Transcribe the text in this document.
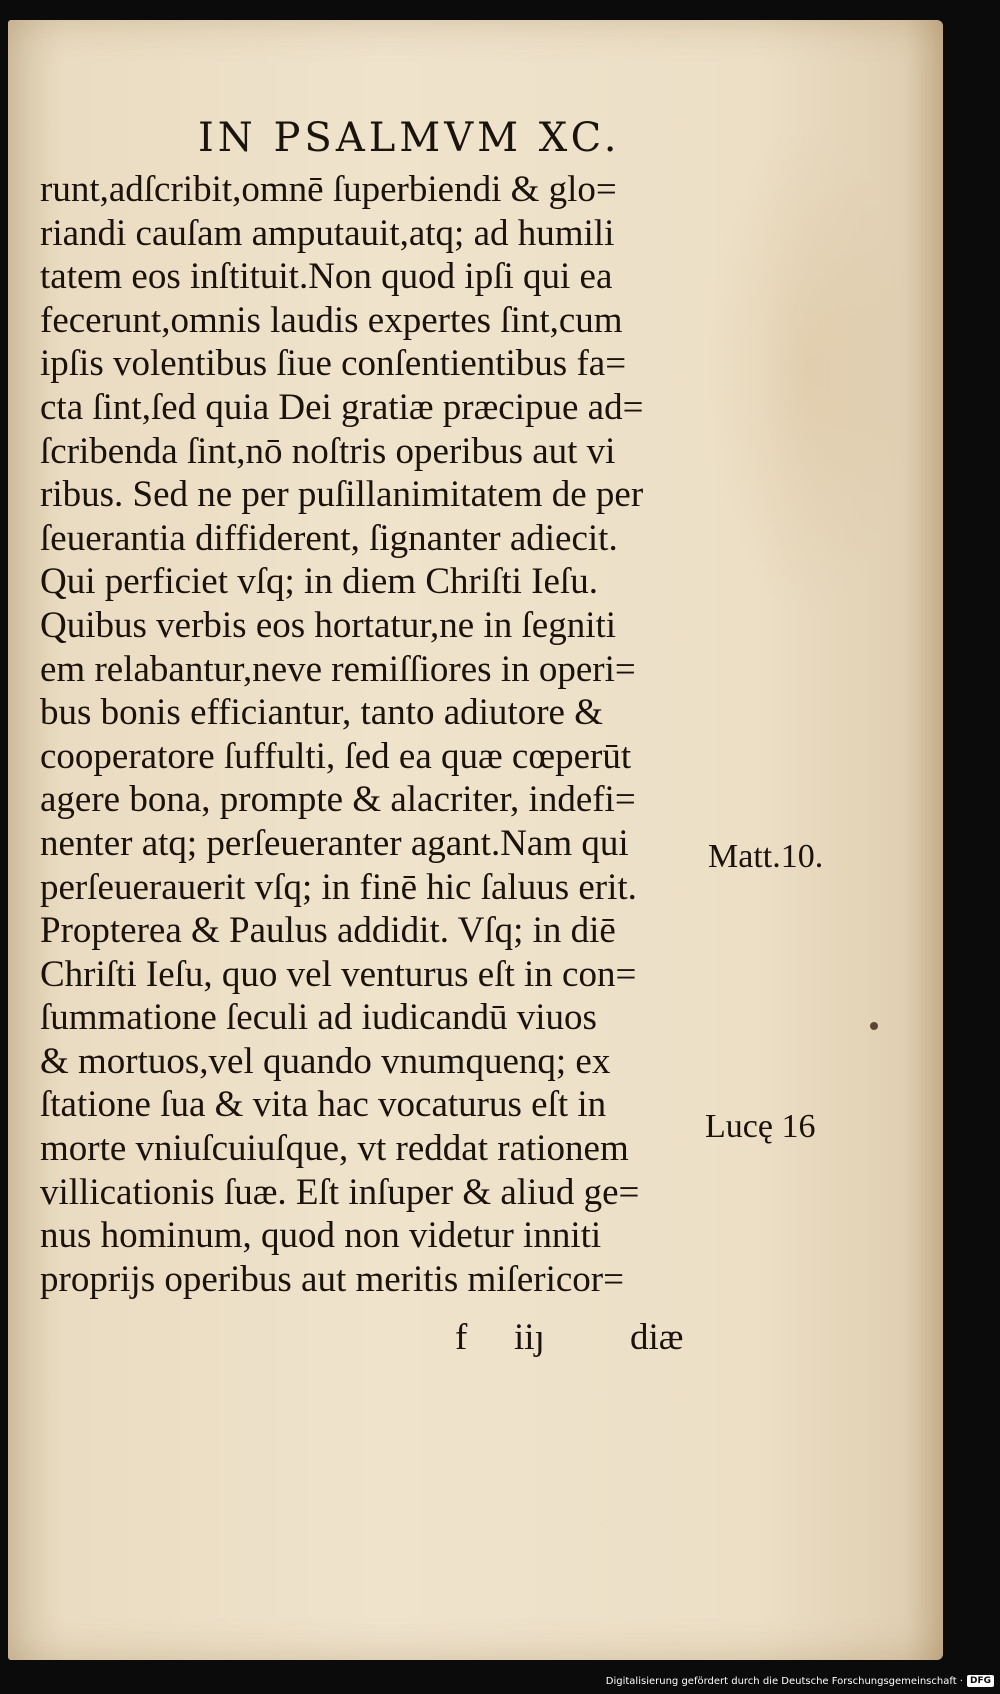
IN PSALMVM XC.
runt,adſcribit,omnē ſuperbiendi & glo=
riandi cauſam amputauit,atq; ad humili
tatem eos inſtituit.Non quod ipſi qui ea
fecerunt,omnis laudis expertes ſint,cum
ipſis volentibus ſiue conſentientibus fa=
cta ſint,ſed quia Dei gratiæ præcipue ad=
ſcribenda ſint,nō noſtris operibus aut vi
ribus. Sed ne per puſillanimitatem de per
ſeuerantia diffiderent, ſignanter adiecit.
Qui perficiet vſq; in diem Chriſti Ieſu.
Quibus verbis eos hortatur,ne in ſegniti
em relabantur,neve remiſſiores in operi=
bus bonis efficiantur, tanto adiutore &
cooperatore ſuffulti, ſed ea quæ cœperūt
agere bona, prompte & alacriter, indefi=
nenter atq; perſeueranter agant.Nam qui
perſeuerauerit vſq; in finē hic ſaluus erit.
Propterea & Paulus addidit. Vſq; in diē
Chriſti Ieſu, quo vel venturus eſt in con=
ſummatione ſeculi ad iudicandū viuos
& mortuos,vel quando vnumquenq; ex
ſtatione ſua & vita hac vocaturus eſt in
morte vniuſcuiuſque, vt reddat rationem
villicationis ſuæ. Eſt inſuper & aliud ge=
nus hominum, quod non videtur inniti
proprijs operibus aut meritis miſericor=
f iiȷ diæ
Matt.10.
Lucę 16
Digitalisierung gefördert durch die Deutsche Forschungsgemeinschaft · DFG
